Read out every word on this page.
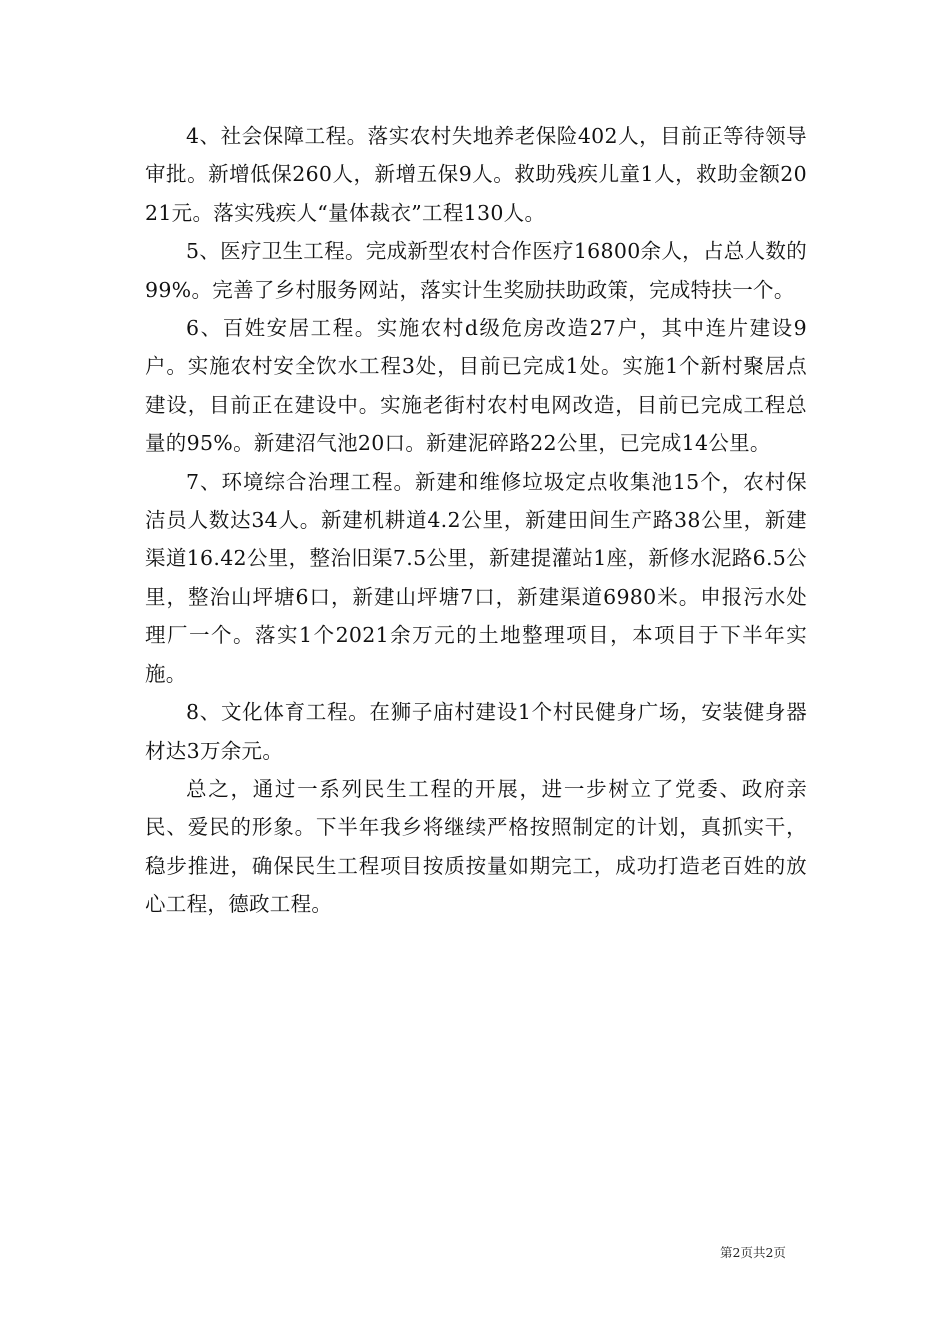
4、社会保障工程。落实农村失地养老保险402人，目前正等待领导审批。新增低保260人，新增五保9人。救助残疾儿童1人，救助金额2021元。落实残疾人“量体裁衣”工程130人。

5、医疗卫生工程。完成新型农村合作医疗16800余人，占总人数的99%。完善了乡村服务网站，落实计生奖励扶助政策，完成特扶一个。

6、百姓安居工程。实施农村d级危房改造27户，其中连片建设9户。实施农村安全饮水工程3处，目前已完成1处。实施1个新村聚居点建设，目前正在建设中。实施老街村农村电网改造，目前已完成工程总量的95%。新建沼气池20口。新建泥碎路22公里，已完成14公里。

7、环境综合治理工程。新建和维修垃圾定点收集池15个，农村保洁员人数达34人。新建机耕道4.2公里，新建田间生产路38公里，新建渠道16.42公里，整治旧渠7.5公里，新建提灌站1座，新修水泥路6.5公里，整治山坪塘6口，新建山坪塘7口，新建渠道6980米。申报污水处理厂一个。落实1个2021余万元的土地整理项目，本项目于下半年实施。

8、文化体育工程。在狮子庙村建设1个村民健身广场，安装健身器材达3万余元。

总之，通过一系列民生工程的开展，进一步树立了党委、政府亲民、爱民的形象。下半年我乡将继续严格按照制定的计划，真抓实干，稳步推进，确保民生工程项目按质按量如期完工，成功打造老百姓的放心工程，德政工程。

第2页共2页
